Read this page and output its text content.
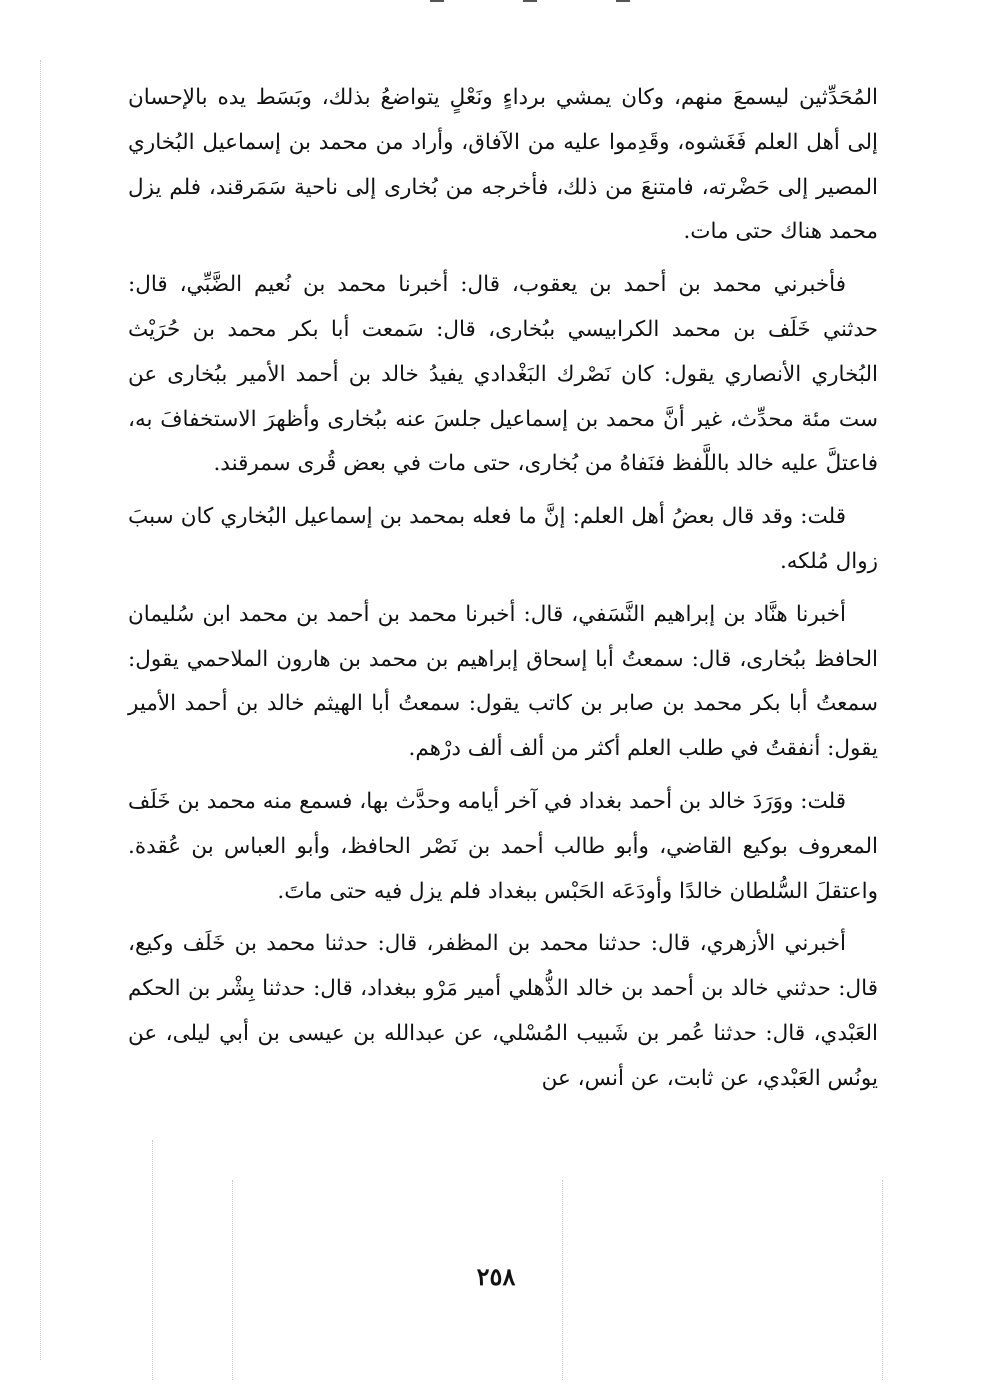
المُحَدِّثين ليسمعَ منهم، وكان يمشي برداءٍ ونَعْلٍ يتواضعُ بذلك، وبَسَط يده بالإحسان إلى أهل العلم فَغَشوه، وقَدِموا عليه من الآفاق، وأراد من محمد بن إسماعيل البُخاري المصير إلى حَضْرته، فامتنعَ من ذلك، فأخرجه من بُخارى إلى ناحية سَمَرقند، فلم يزل محمد هناك حتى مات.

فأخبرني محمد بن أحمد بن يعقوب، قال: أخبرنا محمد بن نُعيم الضَّبِّي، قال: حدثني خَلَف بن محمد الكرابيسي ببُخارى، قال: سَمعت أبا بكر محمد بن حُرَيْث البُخاري الأنصاري يقول: كان نَصْرك البَغْدادي يفيدُ خالد بن أحمد الأمير ببُخارى عن ست مئة محدِّث، غير أنَّ محمد بن إسماعيل جلسَ عنه ببُخارى وأظهرَ الاستخفافَ به، فاعتلَّ عليه خالد باللَّفظ فنَفاهُ من بُخارى، حتى مات في بعض قُرى سمرقند.

قلت: وقد قال بعضُ أهل العلم: إنَّ ما فعله بمحمد بن إسماعيل البُخاري كان سببَ زوال مُلكه.

أخبرنا هنَّاد بن إبراهيم النَّسَفي، قال: أخبرنا محمد بن أحمد بن محمد ابن سُليمان الحافظ ببُخارى، قال: سمعتُ أبا إسحاق إبراهيم بن محمد بن هارون الملاحمي يقول: سمعتُ أبا بكر محمد بن صابر بن كاتب يقول: سمعتُ أبا الهيثم خالد بن أحمد الأمير يقول: أنفقتُ في طلب العلم أكثر من ألف ألف درْهم.

قلت: ووَرَدَ خالد بن أحمد بغداد في آخر أيامه وحدَّث بها، فسمع منه محمد بن خَلَف المعروف بوكيع القاضي، وأبو طالب أحمد بن نَصْر الحافظ، وأبو العباس بن عُقدة. واعتقلَ السُّلطان خالدًا وأودَعَه الحَبْس ببغداد فلم يزل فيه حتى ماتَ.

أخبرني الأزهري، قال: حدثنا محمد بن المظفر، قال: حدثنا محمد بن خَلَف وكيع، قال: حدثني خالد بن أحمد بن خالد الذُّهلي أمير مَرْو ببغداد، قال: حدثنا بِشْر بن الحكم العَبْدي، قال: حدثنا عُمر بن شَبيب المُسْلي، عن عبدالله بن عيسى بن أبي ليلى، عن يونُس العَبْدي، عن ثابت، عن أنس، عن

٢٥٨
